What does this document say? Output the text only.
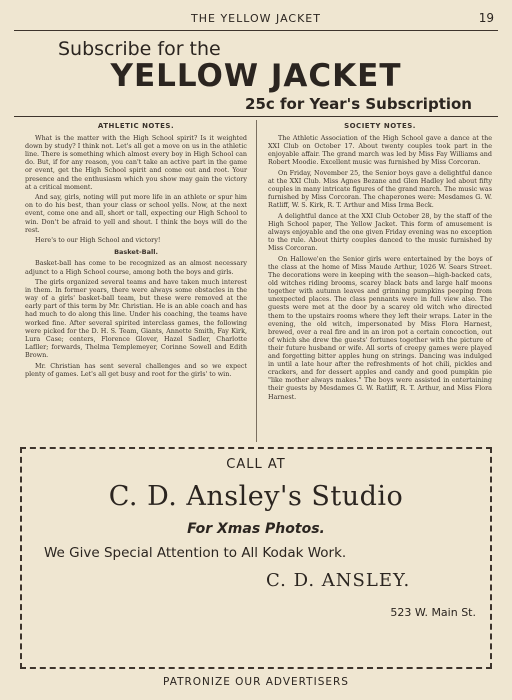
THE YELLOW JACKET	19
Subscribe for the
YELLOW JACKET
25c for Year's Subscription
ATHLETIC NOTES.

What is the matter with the High School spirit? Is it weighted down by study? I think not. Let's all get a move on us in the athletic line. There is something which almost every boy in High School can do. But, if for any reason, you can't take an active part in the game or event, get the High School spirit and come out and root. Your presence and the enthusiasm which you show may gain the victory at a critical moment.

And say, girls, noting will put more life in an athlete or spur him on to do his best, than your class or school yells. Now, at the next event, come one and all, short or tall, expecting our High School to win. Don't be afraid to yell and shout. I think the boys will do the rest.

Here's to our High School and victory!

Basket-Ball.

Basket-ball has come to be recognized as an almost necessary adjunct to a High School course, among both the boys and girls.

The girls organized several teams and have taken much interest in them. In former years, there were always some obstacles in the way of a girls' basket-ball team, but these were removed at the early part of this term by Mr. Christian. He is an able coach and has had much to do along this line. Under his coaching, the teams have worked fine. After several spirited interclass games, the following were picked for the D. H. S. Team, Giants, Annette Smith, Fay Kirk, Lura Case; centers, Florence Glover, Hazel Sadler, Charlotte Lafller; forwards, Thelma Templemeyer, Corinne Sowell and Edith Brown.

Mr. Christian has sent several challenges and so we expect plenty of games. Let's all get busy and root for the girls' to win.

SOCIETY NOTES.

The Athletic Association of the High School gave a dance at the XXI Club on October 17. About twenty couples took part in the enjoyable affair. The grand march was led by Miss Fay Williams and Robert Moodie. Excellent music was furnished by Miss Corcoran.

On Friday, November 25, the Senior boys gave a delightful dance at the XXI Club. Miss Agnes Bezane and Glen Hadley led about fifty couples in many intricate figures of the grand march. The music was furnished by Miss Corcoran. The chaperones were: Mesdames G. W. Ratliff, W. S. Kirk, R. T. Arthur and Miss Irma Beck.

A delightful dance at the XXI Club October 28, by the staff of the High School paper, The Yellow Jacket. This form of amusement is always enjoyable and the one given Friday evening was no exception to the rule. About thirty couples danced to the music furnished by Miss Corcoran.

On Hallowe'en the Senior girls were entertained by the boys of the class at the home of Miss Maude Arthur, 1026 W. Sears Street. The decorations were in keeping with the season—high-backed cats, old witches riding brooms, scarey black bats and large half moons together with autumn leaves and grinning pumpkins peeping from unexpected places. The class pennants were in full view also. The guests were met at the door by a scarey old witch who directed them to the upstairs rooms where they left their wraps. Later in the evening, the old witch, impersonated by Miss Flora Harnest, brewed, over a real fire and in an iron pot a certain concoction, out of which she drew the guests' fortunes together with the picture of their future husband or wife. All sorts of creepy games were played and forgetting bitter apples hung on strings. Dancing was indulged in until a late hour after the refreshments of hot chili, pickles and crackers, and for dessert apples and candy and good pumpkin pie "like mother always makes." The boys were assisted in entertaining their guests by Mesdames G. W. Ratliff, R. T. Arthur, and Miss Flora Harnest.

CALL AT
C. D. Ansley's Studio
For Xmas Photos.
We Give Special Attention to All Kodak Work.
C. D. ANSLEY.
523 W. Main St.
PATRONIZE OUR ADVERTISERS
